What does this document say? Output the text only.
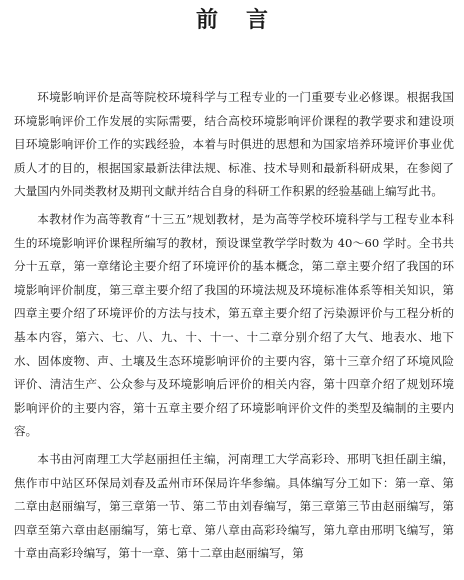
前言

环境影响评价是高等院校环境科学与工程专业的一门重要专业必修课。根据我国环境影响评价工作发展的实际需要，结合高校环境影响评价课程的教学要求和建设项目环境影响评价工作的实践经验，本着与时俱进的思想和为国家培养环境评价事业优质人才的目的，根据国家最新法律法规、标准、技术导则和最新科研成果，在参阅了大量国内外同类教材及期刊文献并结合自身的科研工作积累的经验基础上编写此书。

本教材作为高等教育“十三五”规划教材，是为高等学校环境科学与工程专业本科生的环境影响评价课程所编写的教材，预设课堂教学学时数为 40～60 学时。全书共分十五章，第一章绪论主要介绍了环境评价的基本概念，第二章主要介绍了我国的环境影响评价制度，第三章主要介绍了我国的环境法规及环境标准体系等相关知识，第四章主要介绍了环境评价的方法与技术，第五章主要介绍了污染源评价与工程分析的基本内容，第六、七、八、九、十、十一、十二章分别介绍了大气、地表水、地下水、固体废物、声、土壤及生态环境影响评价的主要内容，第十三章介绍了环境风险评价、清洁生产、公众参与及环境影响后评价的相关内容，第十四章介绍了规划环境影响评价的主要内容，第十五章主要介绍了环境影响评价文件的类型及编制的主要内容。

本书由河南理工大学赵丽担任主编，河南理工大学高彩玲、邢明飞担任副主编，焦作市中站区环保局刘春及孟州市环保局许华参编。具体编写分工如下：第一章、第二章由赵丽编写，第三章第一节、第二节由刘春编写，第三章第三节由赵丽编写，第四章至第六章由赵丽编写，第七章、第八章由高彩玲编写，第九章由邢明飞编写，第十章由高彩玲编写，第十一章、第十二章由赵丽编写，第
